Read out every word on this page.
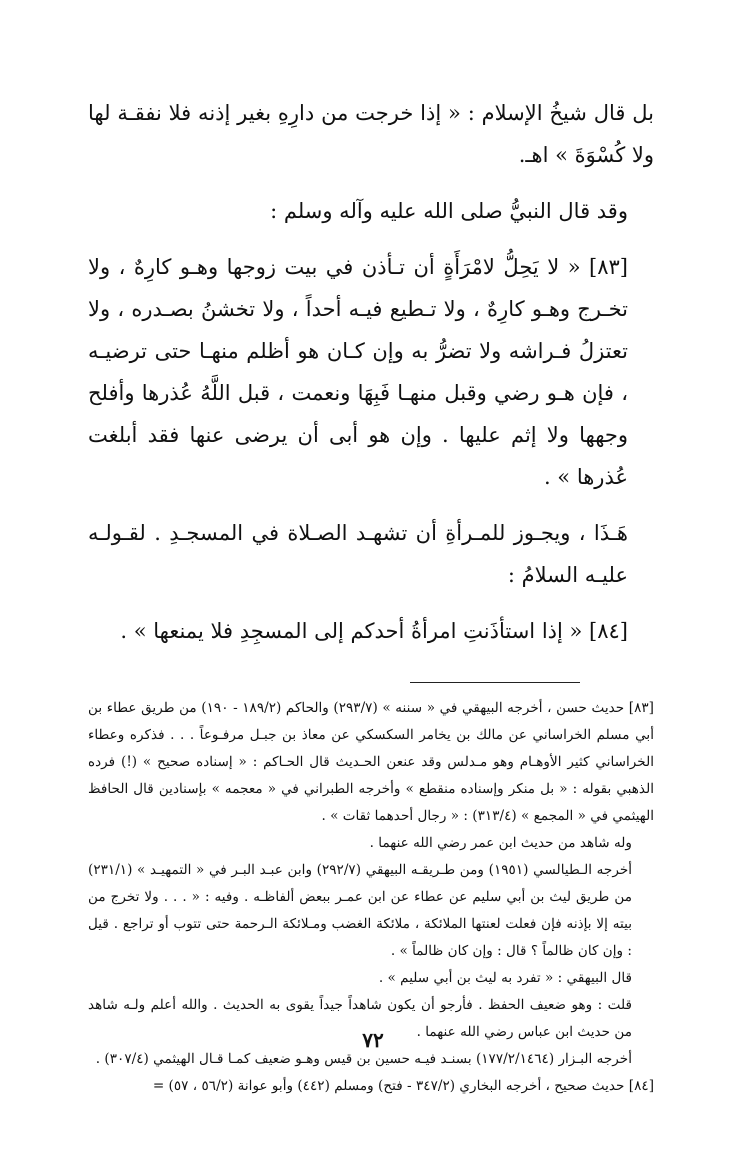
بل قال شيخُ الإسلام : « إذا خرجت من دارِهِ بغير إذنه فلا نفقـة لها ولا كُسْوَةَ » اهـ.

وقد قال النبيُّ صلى الله عليه وآله وسلم :

[٨٣] « لا يَحِلُّ لامْرَأَةٍ أن تـأذن في بيت زوجها وهـو كارِهٌ ، ولا تخـرج وهـو كارِهٌ ، ولا تـطيع فيـه أحداً ، ولا تخشنُ بصـدره ، ولا تعتزلُ فـراشه ولا تضرُّ به وإن كـان هو أظلم منهـا حتى ترضيـه ، فإن هـو رضي وقبل منهـا فَبِهَا ونعمت ، قبل اللَّهُ عُذرها وأفلح وجهها ولا إثم عليها . وإن هو أبى أن يرضى عنها فقد أبلغت عُذرها » .

هَـذَا ، ويجـوز للمـرأةِ أن تشهـد الصـلاة في المسجـدِ . لقـولـه عليـه السلامُ :

[٨٤] « إذا استأذَنتِ امرأةُ أحدكم إلى المسجِدِ فلا يمنعها » .

[٨٣] حديث حسن ، أخرجه البيهقي في « سننه » (٢٩٣/٧) والحاكم (١٨٩/٢ - ١٩٠) من طريق عطاء بن أبي مسلم الخراساني عن مالك بن يخامر السكسكي عن معاذ بن جبـل مرفـوعاً . . . فذكره وعطاء الخراساني كثير الأوهـام وهو مـدلس وقد عنعن الحـديث قال الحـاكم : « إسناده صحيح » (!) فرده الذهبي بقوله : « بل منكر وإسناده منقطع » وأخرجه الطبراني في « معجمه » بإسنادين قال الحافظ الهيثمي في « المجمع » (٣١٣/٤) : « رجال أحدهما ثقات » .

وله شاهد من حديث ابن عمر رضي الله عنهما .

أخرجه الـطيالسي (١٩٥١) ومن طـريقـه البيهقي (٢٩٢/٧) وابن عبـد البـر في « التمهيـد » (٢٣١/١) من طريق ليث بن أبي سليم عن عطاء عن ابن عمـر ببعض ألفاظـه . وفيه : « . . . ولا تخرج من بيته إلا بإذنه فإن فعلت لعنتها الملائكة ، ملائكة الغضب ومـلائكة الـرحمة حتى تتوب أو تراجع . قيل : وإن كان ظالماً ؟ قال : وإن كان ظالماً » .

قال البيهقي : « تفرد به ليث بن أبي سليم » .

قلت : وهو ضعيف الحفظ . فأرجو أن يكون شاهداً جيداً يقوى به الحديث . والله أعلم ولـه شاهد من حديث ابن عباس رضي الله عنهما .

أخرجه البـزار (١٧٧/٢/١٤٦٤) بسنـد فيـه حسين بن قيس وهـو ضعيف كمـا قـال الهيثمي (٣٠٧/٤) .

[٨٤] حديث صحيح ، أخرجه البخاري (٣٤٧/٢ - فتح) ومسلم (٤٤٢) وأبو عوانة (٥٦/٢ ، ٥٧) =

٧٢
